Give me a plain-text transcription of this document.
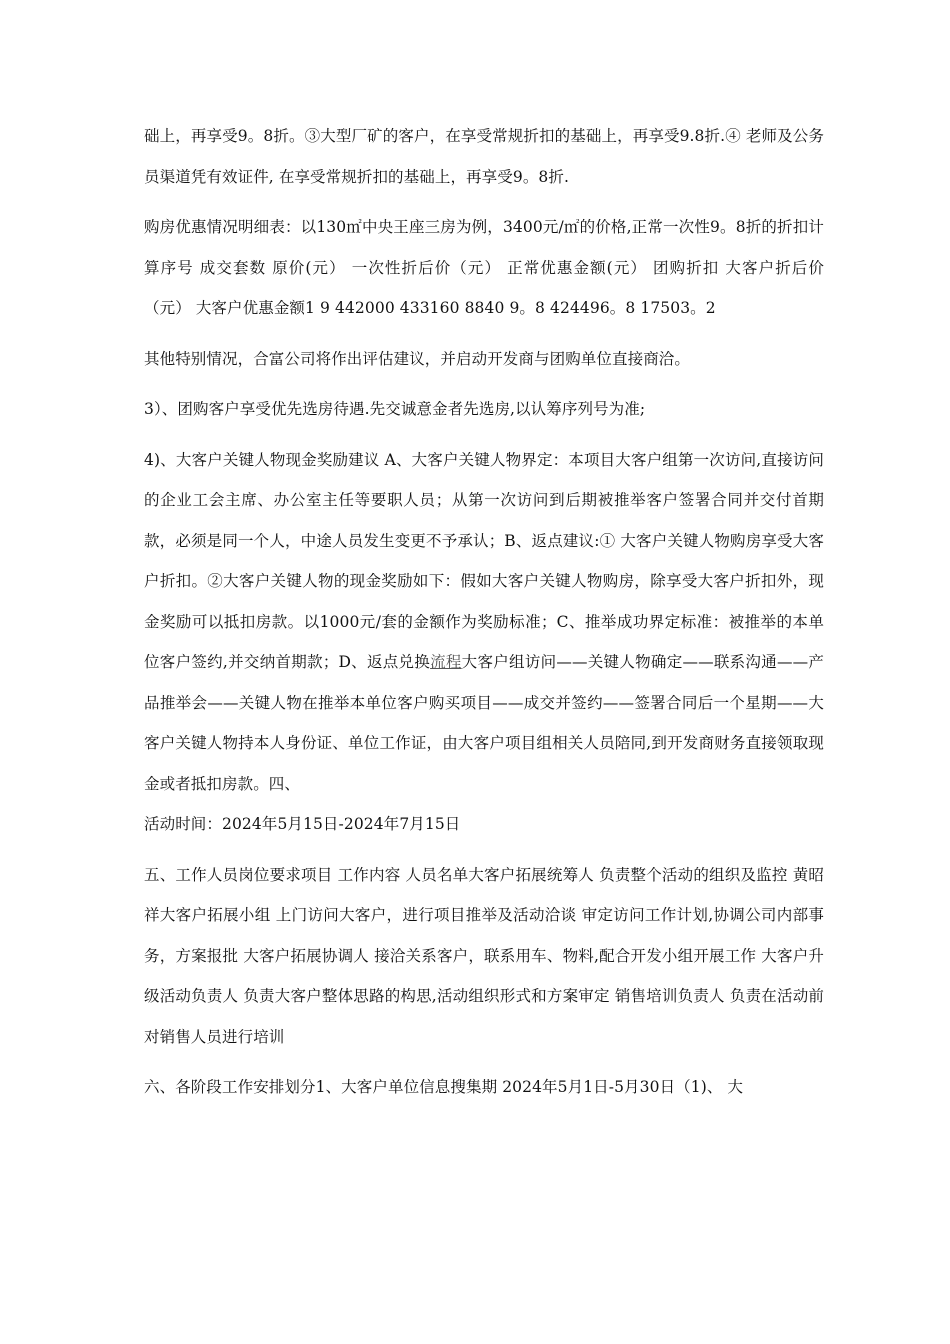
础上，再享受9。8折。③大型厂矿的客户，在享受常规折扣的基础上，再享受9.8折.④ 老师及公务员渠道凭有效证件, 在享受常规折扣的基础上，再享受9。8折.

购房优惠情况明细表：以130㎡中央王座三房为例，3400元/㎡的价格,正常一次性9。8折的折扣计算序号 成交套数 原价(元） 一次性折后价（元） 正常优惠金额(元） 团购折扣 大客户折后价（元） 大客户优惠金额1 9 442000 433160 8840 9。8 424496。8 17503。2

其他特别情况，合富公司将作出评估建议，并启动开发商与团购单位直接商洽。

3）、团购客户享受优先选房待遇.先交诚意金者先选房,以认筹序列号为准;

4)、大客户关键人物现金奖励建议 A、大客户关键人物界定：本项目大客户组第一次访问,直接访问的企业工会主席、办公室主任等要职人员；从第一次访问到后期被推举客户签署合同并交付首期款，必须是同一个人，中途人员发生变更不予承认；B、返点建议:① 大客户关键人物购房享受大客户折扣。②大客户关键人物的现金奖励如下：假如大客户关键人物购房，除享受大客户折扣外，现金奖励可以抵扣房款。以1000元/套的金额作为奖励标准；C、推举成功界定标准：被推举的本单位客户签约,并交纳首期款；D、返点兑换流程大客户组访问——关键人物确定——联系沟通——产品推举会——关键人物在推举本单位客户购买项目——成交并签约——签署合同后一个星期——大客户关键人物持本人身份证、单位工作证，由大客户项目组相关人员陪同,到开发商财务直接领取现金或者抵扣房款。四、

活动时间：2024年5月15日-2024年7月15日

五、工作人员岗位要求项目 工作内容 人员名单大客户拓展统筹人 负责整个活动的组织及监控 黄昭祥大客户拓展小组 上门访问大客户，进行项目推举及活动洽谈 审定访问工作计划,协调公司内部事务，方案报批 大客户拓展协调人 接洽关系客户，联系用车、物料,配合开发小组开展工作 大客户升级活动负责人 负责大客户整体思路的构思,活动组织形式和方案审定 销售培训负责人 负责在活动前对销售人员进行培训

六、各阶段工作安排划分1、大客户单位信息搜集期 2024年5月1日-5月30日（1)、 大
